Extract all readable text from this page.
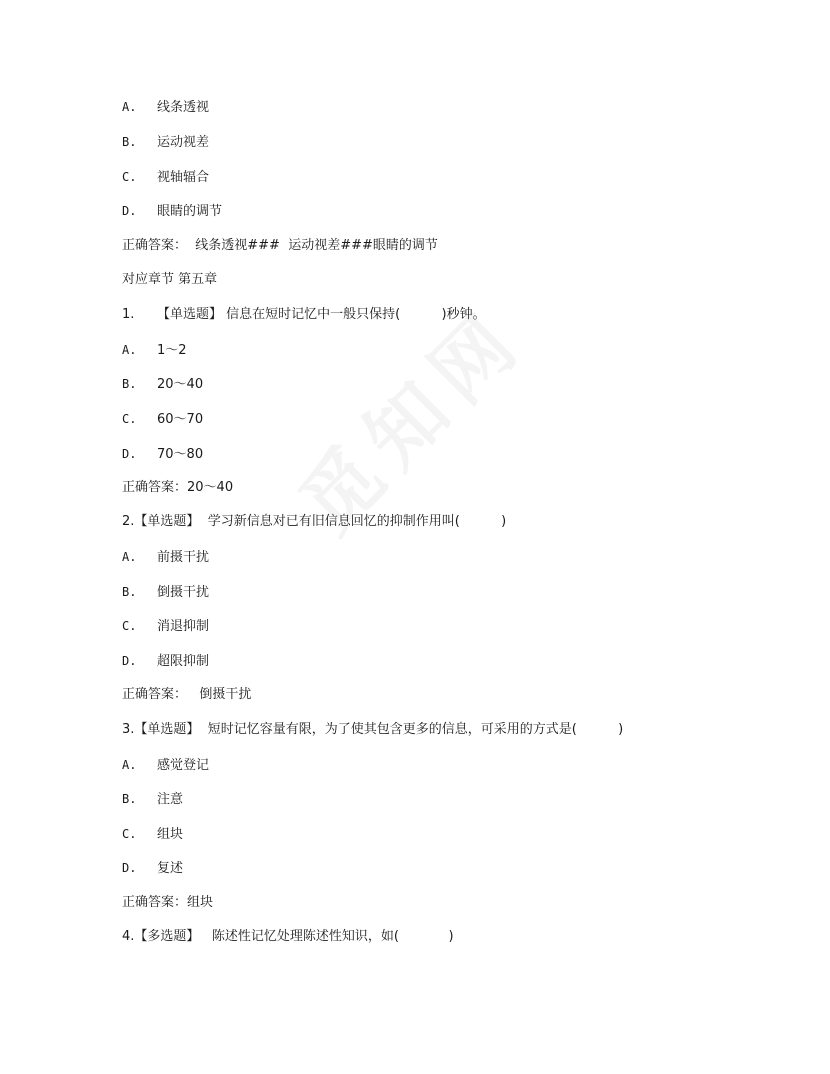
A. 线条透视
B. 运动视差
C. 视轴辐合
D. 眼睛的调节
正确答案：  线条透视###  运动视差###眼睛的调节
对应章节 第五章
1. 【单选题】 信息在短时记忆中一般只保持(          )秒钟。
A. 1～2
B. 20～40
C. 60～70
D. 70～80
正确答案：20～40
2.【单选题】 学习新信息对已有旧信息回忆的抑制作用叫(          )
A. 前摄干扰
B. 倒摄干扰
C. 消退抑制
D. 超限抑制
正确答案：   倒摄干扰
3.【单选题】 短时记忆容量有限，为了使其包含更多的信息，可采用的方式是(          )
A. 感觉登记
B. 注意
C. 组块
D. 复述
正确答案：组块
4.【多选题】 陈述性记忆处理陈述性知识，如(            )
